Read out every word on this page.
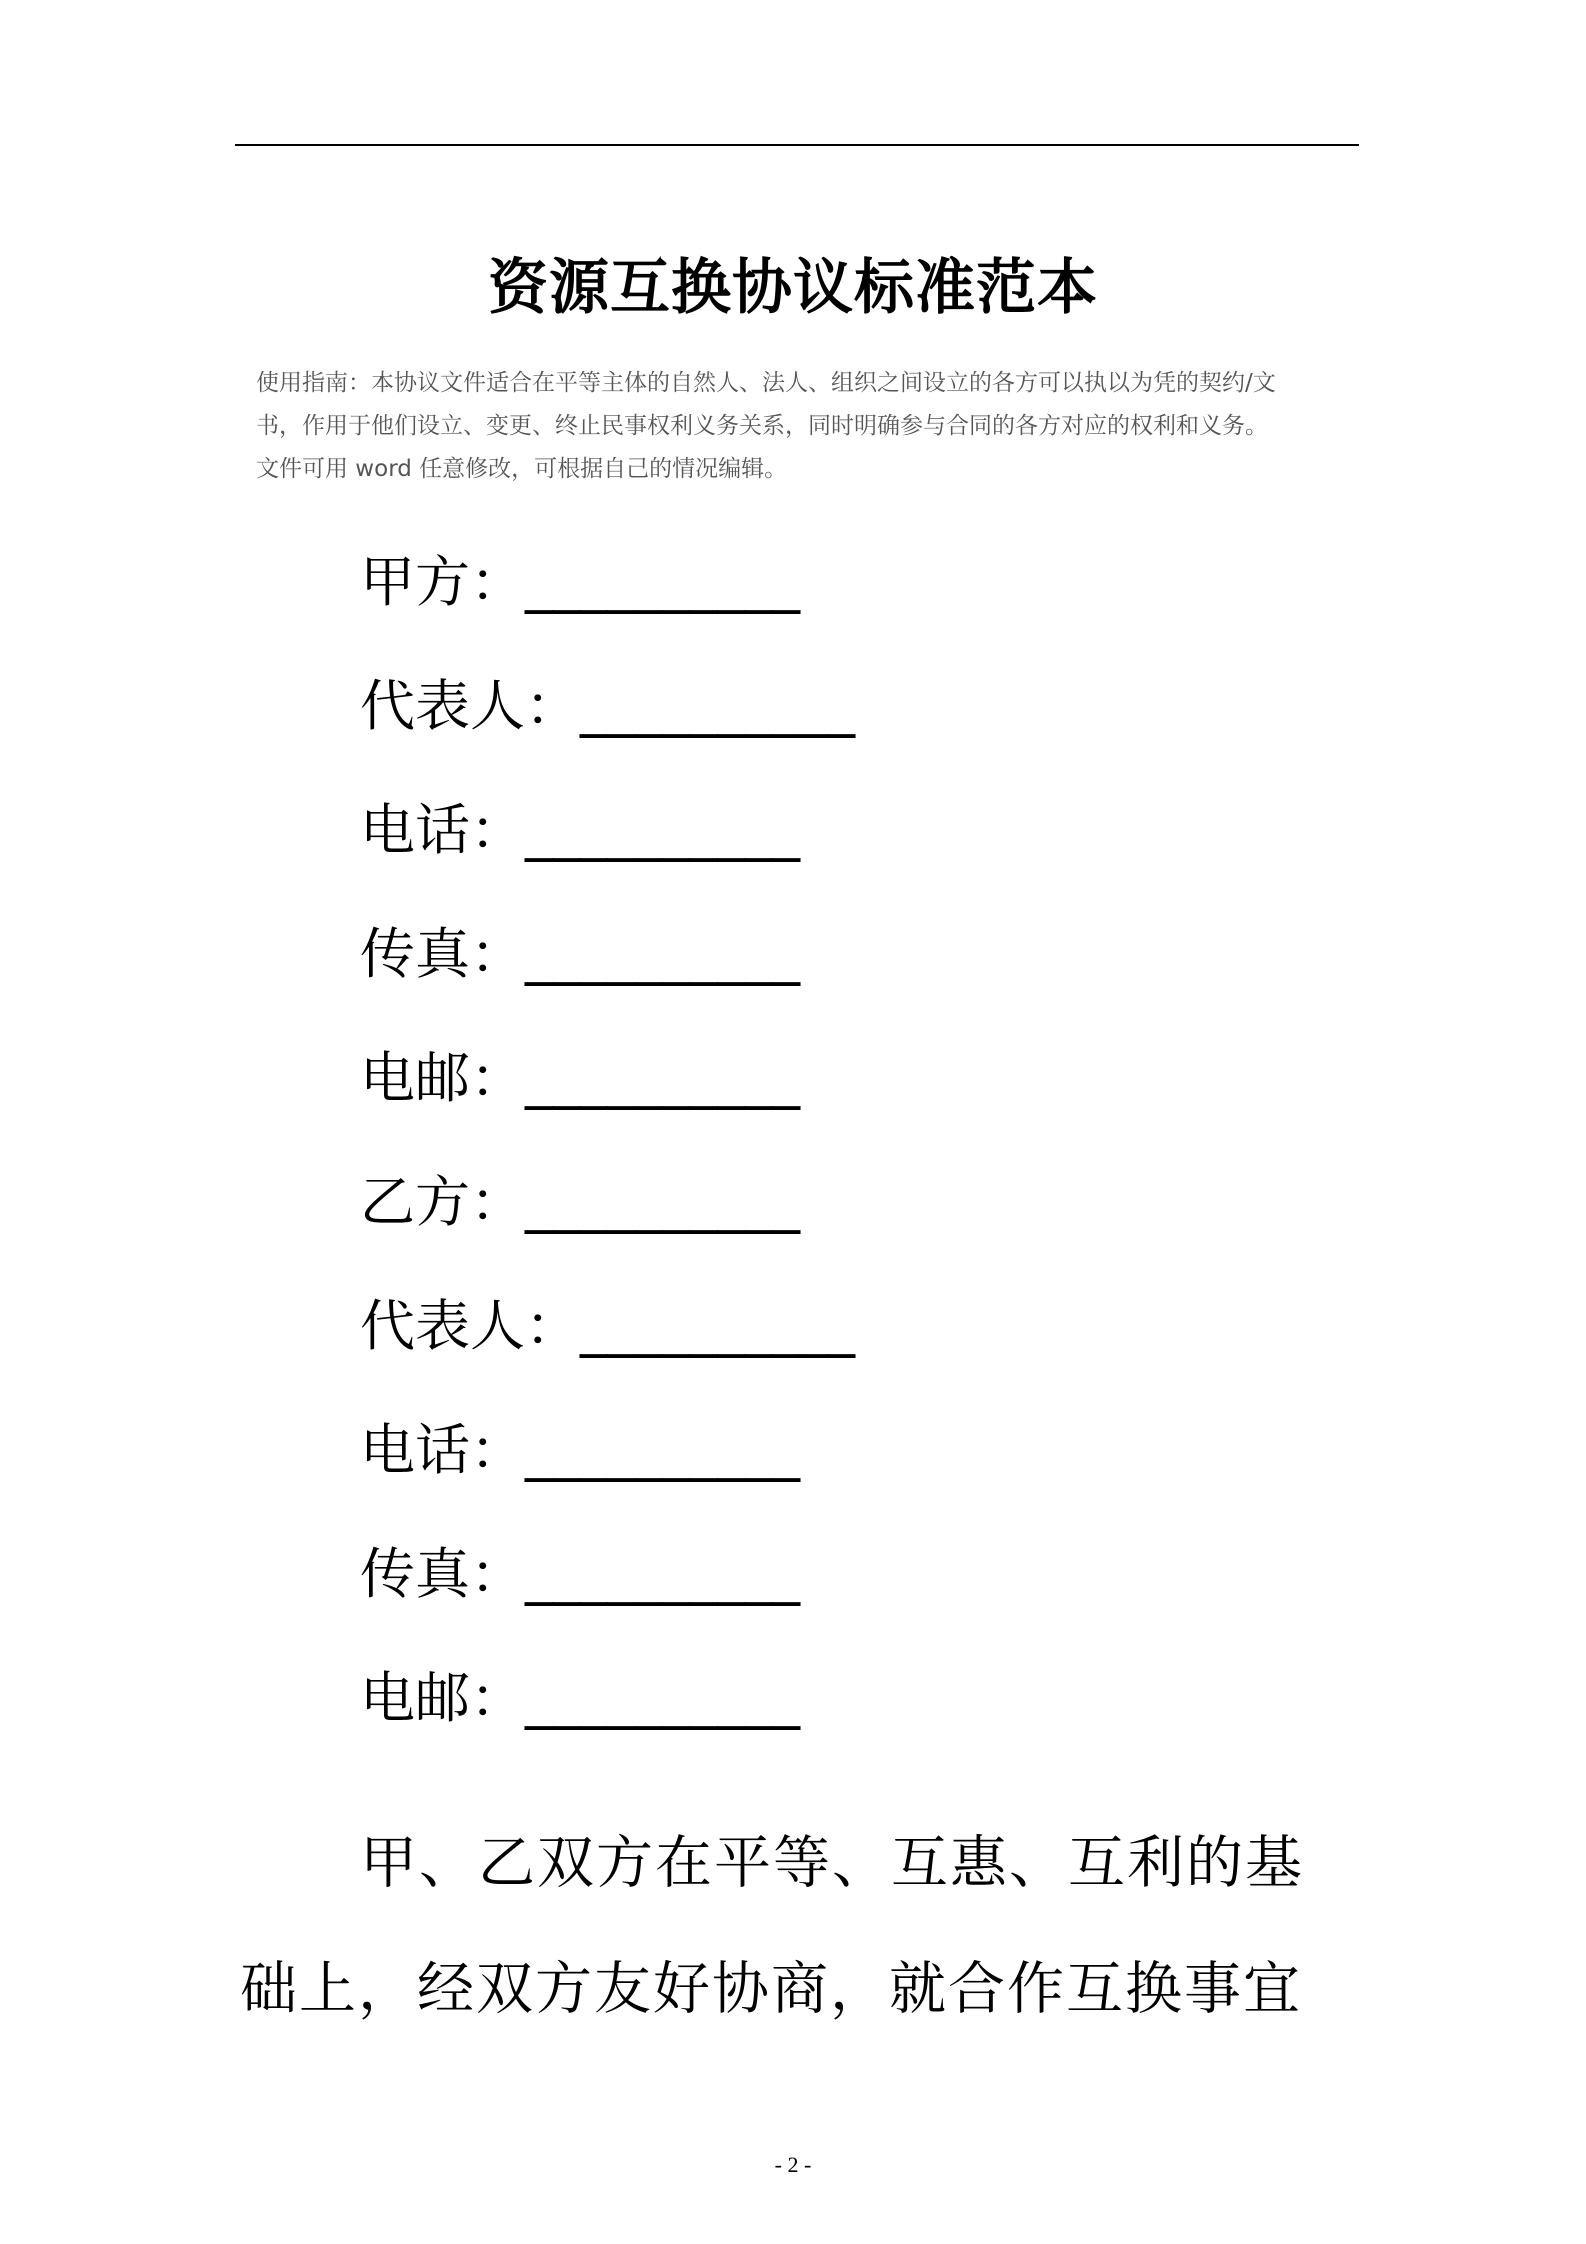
资源互换协议标准范本

使用指南：本协议文件适合在平等主体的自然人、法人、组织之间设立的各方可以执以为凭的契约/文

书，作用于他们设立、变更、终止民事权利义务关系，同时明确参与合同的各方对应的权利和义务。

文件可用 word 任意修改，可根据自己的情况编辑。

甲方： __________
代表人： __________
电话： __________
传真： __________
电邮： __________
乙方： __________
代表人： __________
电话： __________
传真： __________
电邮： __________

甲、乙双方在平等、互惠、互利的基

础上，经双方友好协商，就合作互换事宜

- 2 -
